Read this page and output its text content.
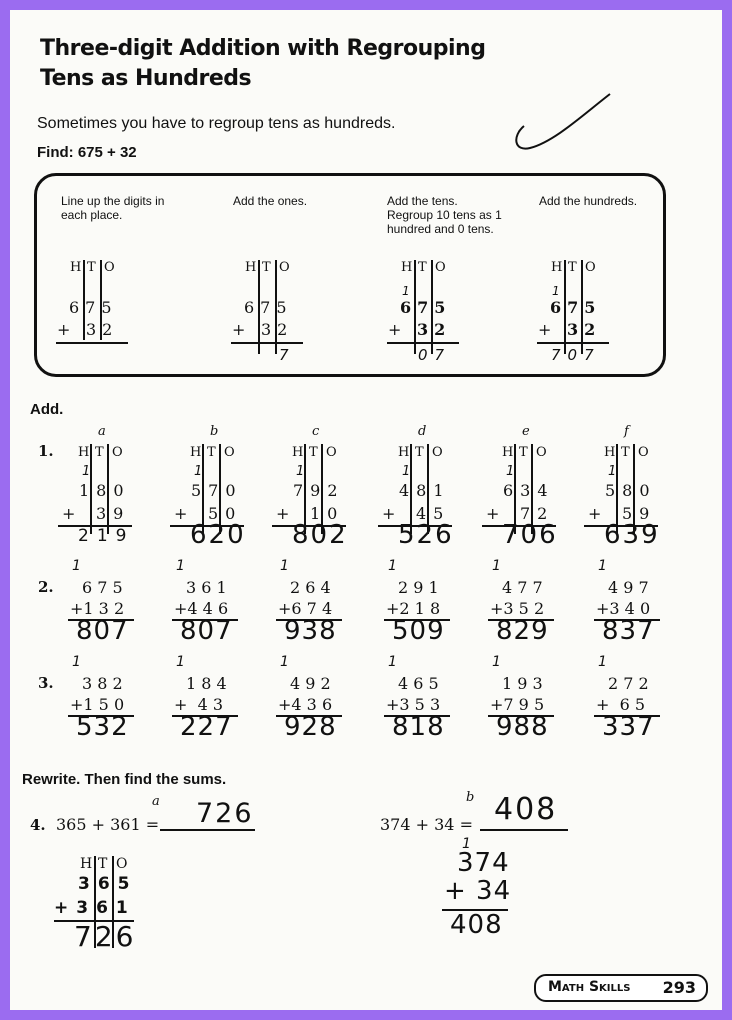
Three-digit Addition with Regrouping
Tens as Hundreds
Sometimes you have to regroup tens as hundreds.
Find: 675 + 32
Line up the digits in each place.
Add the ones.	Add the tens. Regroup 10 tens as 1 hundred and 0 tens.
Add the hundreds.
H T O
675
+ 32
H T O
675
+ 32
7
H T O
1
675
+ 32
07
H T O
1
675
+ 32
707
Add.
a	b	c	d	e	f
1. H T O
1
180
+ 39
219
H T O
1
570
+ 50
620
H T O
1
792
+ 10
802
H T O
1
481
+ 45
526
H T O
1
634
+ 72
706
H T O
1
580
+ 59
639
2.
1
6 7 5
+1 3 2
807
1
3 6 1
+4 4 6
807
1
2 6 4
+6 7 4
938
1
2 9 1
+2 1 8
509
1
4 7 7
+3 5 2
829
1
4 9 7
+3 4 0
837
3.
1
3 8 2
+1 5 0
532
1
1 8 4
+  4 3
227
1
4 9 2
+4 3 6
928
1
4 6 5
+3 5 3
818
1
1 9 3
+7 9 5
988
1
2 7 2
+  6 5
337
Rewrite. Then find the sums.
4.
a
365 + 361 = 726
H T O
365
+361
726
b
374 + 34 = 408
1
374
+ 34
408
Math Skills 293
